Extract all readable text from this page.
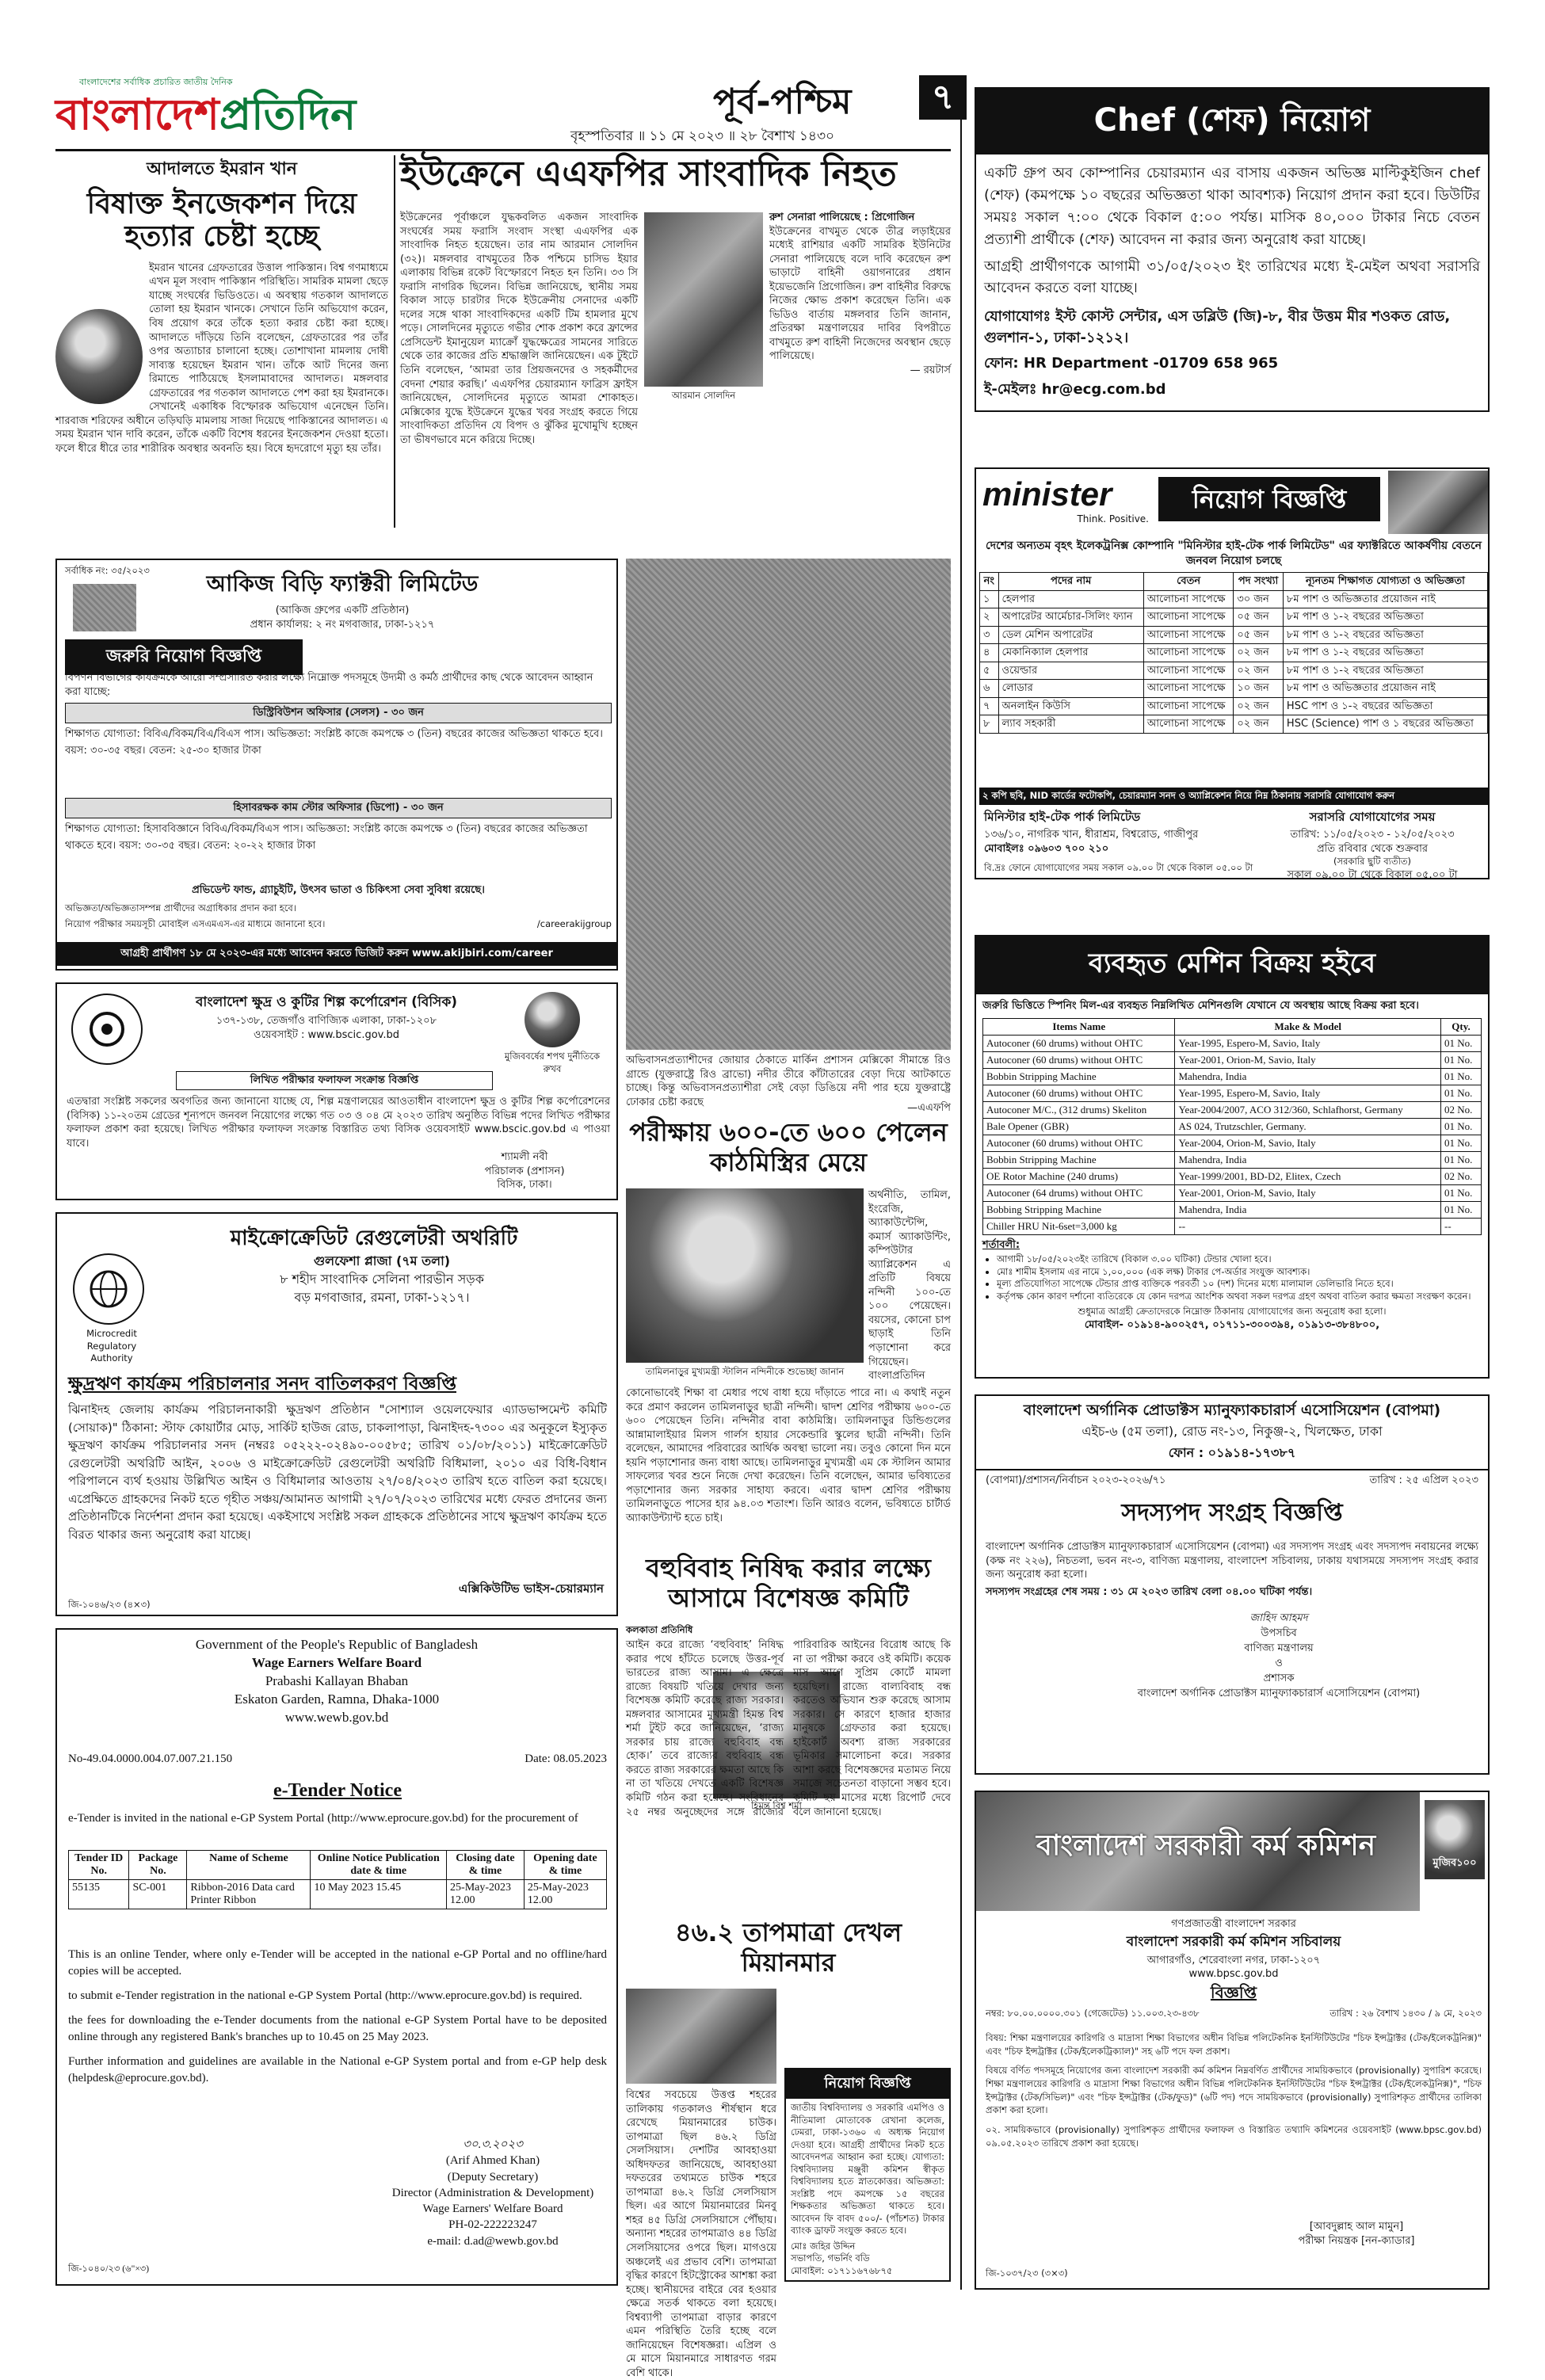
বাংলাদেশের সর্বাধিক প্রচারিত জাতীয় দৈনিক
বাংলাদেশপ্রতিদিন	পূর্ব-পশ্চিম	৭
বৃহস্পতিবার ॥ ১১ মে ২০২৩ ॥ ২৮ বৈশাখ ১৪৩০
আদালতে ইমরান খান
বিষাক্ত ইনজেকশন দিয়ে হত্যার চেষ্টা হচ্ছে
ইমরান খানের গ্রেফতারের উত্তাল পাকিস্তান। বিশ্ব গণমাধ্যমে এখন মূল সংবাদ পাকিস্তান পরিস্থিতি। সামরিক মামলা ছেড়ে যাচ্ছে সংঘর্ষের ভিডিওতে। এ অবস্থায় গতকাল আদালতে তোলা হয় ইমরান খানকে। সেখানে তিনি অভিযোগ করেন, বিষ প্রয়োগ করে তাঁকে হত্যা করার চেষ্টা করা হচ্ছে। আদালতে দাঁড়িয়ে তিনি বলেছেন, গ্রেফতারের পর তাঁর ওপর অত্যাচার চালানো হচ্ছে। তোশাখানা মামলায় দোষী সাব্যস্ত হয়েছেন ইমরান খান। তাঁকে আট দিনের জন্য রিমান্ডে পাঠিয়েছে ইসলামাবাদের আদালত। মঙ্গলবার গ্রেফতারের পর গতকাল আদালতে পেশ করা হয় ইমরানকে। সেখানেই একাধিক বিস্ফোরক অভিযোগ এনেছেন তিনি। শারবাজ শরিফের অধীনে তড়িঘড়ি মামলায় সাজা দিয়েছে পাকিস্তানের আদালত। এ সময় ইমরান খান দাবি করেন, তাঁকে একটি বিশেষ ধরনের ইনজেকশন দেওয়া হতো। ফলে ধীরে ধীরে তার শারীরিক অবস্থার অবনতি হয়। বিষে হৃদরোগে মৃত্যু হয় তাঁর।
ইউক্রেনে এএফপির সাংবাদিক নিহত
ইউক্রেনের পূর্বাঞ্চলে যুদ্ধকবলিত একজন সাংবাদিক সংঘর্ষের সময় ফরাসি সংবাদ সংস্থা এএফপির এক সাংবাদিক নিহত হয়েছেন। তার নাম আরমান সোলদিন (৩২)। মঙ্গলবার বাখমুতের ঠিক পশ্চিমে চাসিভ ইয়ার এলাকায় বিভিন্ন রকেট বিস্ফোরণে নিহত হন তিনি। ৩৩ সি ফরাসি নাগরিক ছিলেন। বিভিন্ন জানিয়েছে, স্থানীয় সময় বিকাল সাড়ে চারটার দিকে ইউক্রেনীয় সেনাদের একটি দলের সঙ্গে থাকা সাংবাদিকদের একটি টিম হামলার মুখে পড়ে। সোলদিনের মৃত্যুতে গভীর শোক প্রকাশ করে ফ্রান্সের প্রেসিডেন্ট ইমানুয়েল ম্যাক্রোঁ যুদ্ধক্ষেত্রের সামনের সারিতে থেকে তার কাজের প্রতি শ্রদ্ধাঞ্জলি জানিয়েছেন। এক টুইটে তিনি বলেছেন, ‘আমরা তার প্রিয়জনদের ও সহকর্মীদের বেদনা শেয়ার করছি।’ এএফপির চেয়ারম্যান ফাব্রিস ফ্রাইস জানিয়েছেন, সোলদিনের মৃত্যুতে আমরা শোকাহত। মেক্সিকোর যুদ্ধে ইউক্রেনে যুদ্ধের খবর সংগ্রহ করতে গিয়ে সাংবাদিকতা প্রতিদিন যে বিপদ ও ঝুঁকির মুখোমুখি হচ্ছেন তা ভীষণভাবে মনে করিয়ে দিচ্ছে।
আরমান সোলদিন
রুশ সেনারা পালিয়েছে : প্রিগোজিন
ইউক্রেনের বাখমুত থেকে তীব্র লড়াইয়ের মধ্যেই রাশিয়ার একটি সামরিক ইউনিটের সেনারা পালিয়েছে বলে দাবি করেছেন রুশ ভাড়াটে বাহিনী ওয়াগনারের প্রধান ইয়েভজেনি প্রিগোজিন। রুশ বাহিনীর বিরুদ্ধে নিজের ক্ষোভ প্রকাশ করেছেন তিনি। এক ভিডিও বার্তায় মঙ্গলবার তিনি জানান, প্রতিরক্ষা মন্ত্রণালয়ের দাবির বিপরীতে বাখমুতে রুশ বাহিনী নিজেদের অবস্থান ছেড়ে পালিয়েছে।
— রয়টার্স
Chef (শেফ) নিয়োগ
একটি গ্রুপ অব কোম্পানির চেয়ারম্যান এর বাসায় একজন অভিজ্ঞ মাল্টিকুইজিন chef (শেফ) (কমপক্ষে ১০ বছরের অভিজ্ঞতা থাকা আবশ্যক) নিয়োগ প্রদান করা হবে। ডিউটির সময়ঃ সকাল ৭:০০ থেকে বিকাল ৫:০০ পর্যন্ত। মাসিক ৪০,০০০ টাকার নিচে বেতন প্রত্যাশী প্রার্থীকে (শেফ) আবেদন না করার জন্য অনুরোধ করা যাচ্ছে।
আগ্রহী প্রার্থীগণকে আগামী ৩১/০৫/২০২৩ ইং তারিখের মধ্যে ই-মেইল অথবা সরাসরি আবেদন করতে বলা যাচ্ছে।
যোগাযোগঃ ইস্ট কোস্ট সেন্টার, এস ডব্লিউ (জি)-৮, বীর উত্তম মীর শওকত রোড, গুলশান-১, ঢাকা-১২১২।
ফোন: HR Department -01709 658 965
ই-মেইলঃ hr@ecg.com.bd
minister
Think. Positive.
নিয়োগ বিজ্ঞপ্তি
দেশের অন্যতম বৃহৎ ইলেকট্রনিক্স কোম্পানি "মিনিস্টার হাই-টেক পার্ক লিমিটেড" এর ফ্যাক্টরিতে আকর্ষণীয় বেতনে জনবল নিয়োগ চলছে
নং	পদের নাম	বেতন	পদ সংখ্যা	ন্যূনতম শিক্ষাগত যোগ্যতা ও অভিজ্ঞতা
১	হেলপার	আলোচনা সাপেক্ষে	৩০ জন	৮ম পাশ ও অভিজ্ঞতার প্রয়োজন নাই
২	অপারেটর আর্মেচার-সিলিং ফ্যান	আলোচনা সাপেক্ষে	০৫ জন	৮ম পাশ ও ১-২ বছরের অভিজ্ঞতা
৩	ডেল মেশিন অপারেটর	আলোচনা সাপেক্ষে	০৫ জন	৮ম পাশ ও ১-২ বছরের অভিজ্ঞতা
৪	মেকানিক্যাল হেলপার	আলোচনা সাপেক্ষে	০২ জন	৮ম পাশ ও ১-২ বছরের অভিজ্ঞতা
৫	ওয়েল্ডার	আলোচনা সাপেক্ষে	০২ জন	৮ম পাশ ও ১-২ বছরের অভিজ্ঞতা
৬	লোডার	আলোচনা সাপেক্ষে	১০ জন	৮ম পাশ ও অভিজ্ঞতার প্রয়োজন নাই
৭	অনলাইন কিউসি	আলোচনা সাপেক্ষে	০২ জন	HSC পাশ ও ১-২ বছরের অভিজ্ঞতা
৮	ল্যাব সহকারী	আলোচনা সাপেক্ষে	০২ জন	HSC (Science) পাশ ও ১ বছরের অভিজ্ঞতা
২ কপি ছবি, NID কার্ডের ফটোকপি, চেয়ারম্যান সনদ ও অ্যাপ্লিকেশন নিয়ে নিম্ন ঠিকানায় সরাসরি যোগাযোগ করুন
মিনিস্টার হাই-টেক পার্ক লিমিটেড
১৩৬/১০, নাগরিক খান, ধীরাশ্রম, বিশ্বরোড, গাজীপুর
মোবাইলঃ ০৯৬০৩ ৭০০ ২১০
সরাসরি যোগাযোগের সময়
তারিখ: ১১/০৫/২০২৩ - ১২/০৫/২০২৩
প্রতি রবিবার থেকে শুক্রবার
(সরকারি ছুটি ব্যতীত)
সকাল ০৯.০০ টা থেকে বিকাল ০৫.০০ টা
বি.দ্রঃ ফোনে যোগাযোগের সময় সকাল ০৯.০০ টা থেকে বিকাল ০৫.০০ টা
সর্বাধিক নং: ৩৫/২০২৩	আকিজ বিড়ি ফ্যাক্টরী লিমিটেড
(আকিজ গ্রুপের একটি প্রতিষ্ঠান)
প্রধান কার্যালয়: ২ নং মগবাজার, ঢাকা-১২১৭
জরুরি নিয়োগ বিজ্ঞপ্তি
বিপণন বিভাগের কার্যক্রমকে আরো সম্প্রসারিত করার লক্ষ্যে নিম্নোক্ত পদসমূহে উদ্যমী ও কর্মঠ প্রার্থীদের কাছ থেকে আবেদন আহ্বান করা যাচ্ছে:
ডিস্ট্রিবিউশন অফিসার (সেলস) - ৩০ জন
শিক্ষাগত যোগ্যতা: বিবিএ/বিকম/বিএ/বিএস পাস। অভিজ্ঞতা: সংশ্লিষ্ট কাজে কমপক্ষে ৩ (তিন) বছরের কাজের অভিজ্ঞতা থাকতে হবে। বয়স: ৩০-৩৫ বছর। বেতন: ২৫-৩০ হাজার টাকা
হিসাবরক্ষক কাম স্টোর অফিসার (ডিপো) - ৩০ জন
শিক্ষাগত যোগ্যতা: হিসাববিজ্ঞানে বিবিএ/বিকম/বিএস পাস। অভিজ্ঞতা: সংশ্লিষ্ট কাজে কমপক্ষে ৩ (তিন) বছরের কাজের অভিজ্ঞতা থাকতে হবে। বয়স: ৩০-৩৫ বছর। বেতন: ২০-২২ হাজার টাকা
প্রভিডেন্ট ফান্ড, গ্র্যাচুইটি, উৎসব ভাতা ও চিকিৎসা সেবা সুবিধা রয়েছে।
অভিজ্ঞতা/অভিজ্ঞতাসম্পন্ন প্রার্থীদের অগ্রাধিকার প্রদান করা হবে।
নিয়োগ পরীক্ষার সময়সূচী মোবাইল এসএমএস-এর মাধ্যমে জানানো হবে।	/careerakijgroup
আগ্রহী প্রার্থীগণ ১৮ মে ২০২৩-এর মধ্যে আবেদন করতে ভিজিট করুন www.akijbiri.com/career
বাংলাদেশ ক্ষুদ্র ও কুটির শিল্প কর্পোরেশন (বিসিক)
১৩৭-১৩৮, তেজগাঁও বাণিজ্যিক এলাকা, ঢাকা-১২০৮
ওয়েবসাইট : www.bscic.gov.bd
মুজিববর্ষের শপথ দুর্নীতিকে রুখব
লিখিত পরীক্ষার ফলাফল সংক্রান্ত বিজ্ঞপ্তি
এতদ্বারা সংশ্লিষ্ট সকলের অবগতির জন্য জানানো যাচ্ছে যে, শিল্প মন্ত্রণালয়ের আওতাধীন বাংলাদেশ ক্ষুদ্র ও কুটির শিল্প কর্পোরেশনের (বিসিক) ১১-২০তম গ্রেডের শূন্যপদে জনবল নিয়োগের লক্ষ্যে গত ০৩ ও ০৪ মে ২০২৩ তারিখ অনুষ্ঠিত বিভিন্ন পদের লিখিত পরীক্ষার ফলাফল প্রকাশ করা হয়েছে। লিখিত পরীক্ষার ফলাফল সংক্রান্ত বিস্তারিত তথ্য বিসিক ওয়েবসাইট www.bscic.gov.bd এ পাওয়া যাবে।
শ্যামলী নবী
পরিচালক (প্রশাসন)
বিসিক, ঢাকা।
মাইক্রোক্রেডিট রেগুলেটরী অথরিটি
Microcredit Regulatory Authority
গুলফেশা প্লাজা (৭ম তলা)
৮ শহীদ সাংবাদিক সেলিনা পারভীন সড়ক
বড় মগবাজার, রমনা, ঢাকা-১২১৭।
ক্ষুদ্রঋণ কার্যক্রম পরিচালনার সনদ বাতিলকরণ বিজ্ঞপ্তি
ঝিনাইদহ জেলায় কার্যক্রম পরিচালনাকারী ক্ষুদ্রঋণ প্রতিষ্ঠান "সোশ্যাল ওয়েলফেয়ার এ্যাডভান্সমেন্ট কমিটি (সোয়াক)" ঠিকানা: স্টাফ কোয়ার্টার মোড়, সার্কিট হাউজ রোড, চাকলাপাড়া, ঝিনাইদহ-৭৩০০ এর অনুকূলে ইস্যুকৃত ক্ষুদ্রঋণ কার্যক্রম পরিচালনার সনদ (নম্বরঃ ০৫২২২-০২৪৯০-০০৫৮৫; তারিখ ০১/০৮/২০১১) মাইক্রোক্রেডিট রেগুলেটরী অথরিটি আইন, ২০০৬ ও মাইক্রোক্রেডিট রেগুলেটরী অথরিটি বিধিমালা, ২০১০ এর বিধি-বিধান পরিপালনে ব্যর্থ হওয়ায় উল্লিখিত আইন ও বিধিমালার আওতায় ২৭/০৪/২০২৩ তারিখ হতে বাতিল করা হয়েছে। এপ্রেক্ষিতে গ্রাহকদের নিকট হতে গৃহীত সঞ্চয়/আমানত আগামী ২৭/০৭/২০২৩ তারিখের মধ্যে ফেরত প্রদানের জন্য প্রতিষ্ঠানটিকে নির্দেশনা প্রদান করা হয়েছে। একইসাথে সংশ্লিষ্ট সকল গ্রাহককে প্রতিষ্ঠানের সাথে ক্ষুদ্রঋণ কার্যক্রম হতে বিরত থাকার জন্য অনুরোধ করা যাচ্ছে।
এক্সিকিউটিভ ভাইস-চেয়ারম্যান
জি-১০৪৬/২৩ (৪×৩)
Government of the People's Republic of Bangladesh
Wage Earners Welfare Board
Prabashi Kallayan Bhaban
Eskaton Garden, Ramna, Dhaka-1000
www.wewb.gov.bd
No-49.04.0000.004.07.007.21.150	Date: 08.05.2023
e-Tender Notice
e-Tender is invited in the national e-GP System Portal (http://www.eprocure.gov.bd) for the procurement of
Tender ID No.	Package No.	Name of Scheme	Online Notice Publication date & time	Closing date & time	Opening date & time
55135	SC-001	Ribbon-2016 Data card Printer Ribbon	10 May 2023 15.45	25-May-2023 12.00	25-May-2023 12.00

This is an online Tender, where only e-Tender will be accepted in the national e-GP Portal and no offline/hard copies will be accepted.

to submit e-Tender registration in the national e-GP System Portal (http://www.eprocure.gov.bd) is required.

the fees for downloading the e-Tender documents from the national e-GP System Portal have to be deposited online through any registered Bank's branches up to 10.45 on 25 May 2023.

Further information and guidelines are available in the National e-GP System portal and from e-GP help desk (helpdesk@eprocure.gov.bd).

৩০.৩.২০২৩
(Arif Ahmed Khan)
(Deputy Secretary)
Director (Administration & Development)
Wage Earners' Welfare Board
PH-02-222223247
e-mail: d.ad@wewb.gov.bd
জি-১০৪০/২৩ (৬"×৩)
অভিবাসনপ্রত্যাশীদের জোয়ার ঠেকাতে মার্কিন প্রশাসন মেক্সিকো সীমান্তে রিও গ্রান্ডে (যুক্তরাষ্ট্রে রিও ব্রাভো) নদীর তীরে কাঁটাতারের বেড়া দিয়ে আটকাতে চাচ্ছে। কিন্তু অভিবাসনপ্রত্যাশীরা সেই বেড়া ডিঙিয়ে নদী পার হয়ে যুক্তরাষ্ট্রে ঢোকার চেষ্টা করছে	—এএফপি
পরীক্ষায় ৬০০-তে ৬০০ পেলেন কাঠমিস্ত্রির মেয়ে
অর্থনীতি, তামিল, ইংরেজি, অ্যাকাউন্টেন্সি, কমার্স অ্যাকাউন্টিং, কম্পিউটার অ্যাপ্লিকেশন এ প্রতিটি বিষয়ে নন্দিনী ১০০-তে ১০০ পেয়েছেন। বয়সের, কোনো চাপ ছাড়াই তিনি পড়াশোনা করে গিয়েছেন। বাংলাপ্রতিদিন
তামিলনাড়ুর মুখ্যমন্ত্রী স্টালিন নন্দিনীকে শুভেচ্ছা জানান
কোনোভাবেই শিক্ষা বা মেধার পথে বাধা হয়ে দাঁড়াতে পারে না। এ কথাই নতুন করে প্রমাণ করলেন তামিলনাড়ুর ছাত্রী নন্দিনী। দ্বাদশ শ্রেণির পরীক্ষায় ৬০০-তে ৬০০ পেয়েছেন তিনি। নন্দিনীর বাবা কাঠমিস্ত্রি। তামিলনাড়ুর ডিন্ডিগুলের আন্নামালাইয়ার মিলস গার্লস হায়ার সেকেন্ডারি স্কুলের ছাত্রী নন্দিনী। তিনি বলেছেন, আমাদের পরিবারের আর্থিক অবস্থা ভালো নয়। তবুও কোনো দিন মনে হয়নি পড়াশোনার জন্য বাধা আছে। তামিলনাড়ুর মুখ্যমন্ত্রী এম কে স্টালিন আমার সাফল্যের খবর শুনে নিজে দেখা করেছেন। তিনি বলেছেন, আমার ভবিষ্যতের পড়াশোনার জন্য সরকার সাহায্য করবে। এবার দ্বাদশ শ্রেণির পরীক্ষায় তামিলনাড়ুতে পাসের হার ৯৪.০৩ শতাংশ। তিনি আরও বলেন, ভবিষ্যতে চার্টার্ড অ্যাকাউন্ট্যান্ট হতে চাই।
বহুবিবাহ নিষিদ্ধ করার লক্ষ্যে আসামে বিশেষজ্ঞ কমিটি
কলকাতা প্রতিনিধি
হিমন্ত বিশ্ব শর্মা
আইন করে রাজ্যে ‘বহুবিবাহ’ নিষিদ্ধ করার পথে হাঁটতে চলেছে উত্তর-পূর্ব ভারতের রাজ্য আসাম। এ ক্ষেত্রে রাজ্যে বিষয়টি খতিয়ে দেখার জন্য বিশেষজ্ঞ কমিটি করেছে রাজ্য সরকার। মঙ্গলবার আসামের মুখ্যমন্ত্রী হিমন্ত বিশ্ব শর্মা টুইট করে জানিয়েছেন, ‘রাজ্য সরকার চায় রাজ্যে বহুবিবাহ বন্ধ হোক।’ তবে রাজ্যের বহুবিবাহ বন্ধ করতে রাজ্য সরকারের ক্ষমতা আছে কি না তা খতিয়ে দেখতে একটি বিশেষজ্ঞ কমিটি গঠন করা হয়েছে। সংবিধানের ২৫ নম্বর অনুচ্ছেদের সঙ্গে রাজ্যের পারিবারিক আইনের বিরোধ আছে কি না তা পরীক্ষা করবে ওই কমিটি। কয়েক মাস আগে সুপ্রিম কোর্টে মামলা হয়েছিল। রাজ্যে বাল্যবিবাহ বন্ধ করতেও অভিযান শুরু করেছে আসাম সরকার। সে কারণে হাজার হাজার মানুষকে গ্রেফতার করা হয়েছে। হাইকোর্ট অবশ্য রাজ্য সরকারের ভূমিকার সমালোচনা করে। সরকার আশা করছে বিশেষজ্ঞদের মতামত নিয়ে সমাজে সচেতনতা বাড়ানো সম্ভব হবে। কমিটি ছয় মাসের মধ্যে রিপোর্ট দেবে বলে জানানো হয়েছে।
৪৬.২ তাপমাত্রা দেখল মিয়ানমার
বিশ্বের সবচেয়ে উত্তপ্ত শহরের তালিকায় গতকালও শীর্ষস্থান ধরে রেখেছে মিয়ানমারের চাউক। তাপমাত্রা ছিল ৪৬.২ ডিগ্রি সেলসিয়াস। দেশটির আবহাওয়া অধিদফতর জানিয়েছে, আবহাওয়া দফতরের তথ্যমতে চাউক শহরে তাপমাত্রা ৪৬.২ ডিগ্রি সেলসিয়াস ছিল। এর আগে মিয়ানমারের মিনবু শহর ৪৫ ডিগ্রি সেলসিয়াসে পৌঁছায়। অন্যান্য শহরের তাপমাত্রাও ৪৪ ডিগ্রি সেলসিয়াসের ওপরে ছিল। মাগওয়ে অঞ্চলেই এর প্রভাব বেশি। তাপমাত্রা বৃদ্ধির কারণে হিটস্ট্রোকের আশঙ্কা করা হচ্ছে। স্থানীয়দের বাইরে বের হওয়ার ক্ষেত্রে সতর্ক থাকতে বলা হয়েছে। বিশ্বব্যাপী তাপমাত্রা বাড়ার কারণে এমন পরিস্থিতি তৈরি হচ্ছে বলে জানিয়েছেন বিশেষজ্ঞরা। এপ্রিল ও মে মাসে মিয়ানমারে সাধারণত গরম বেশি থাকে।
নিয়োগ বিজ্ঞপ্তি
জাতীয় বিশ্ববিদ্যালয় ও সরকারি এমপিও ও নীতিমালা মোতাবেক রেখানা কলেজ, ঢেমরা, ঢাকা-১৩৬০ এ অধ্যক্ষ নিয়োগ দেওয়া হবে। আগ্রহী প্রার্থীদের নিকট হতে আবেদনপত্র আহ্বান করা হচ্ছে। যোগ্যতা: বিশ্ববিদ্যালয় মঞ্জুরী কমিশন স্বীকৃত বিশ্ববিদ্যালয় হতে স্নাতকোত্তর। অভিজ্ঞতা: সংশ্লিষ্ট পদে কমপক্ষে ১৫ বছরের শিক্ষকতার অভিজ্ঞতা থাকতে হবে। আবেদন ফি বাবদ ৫০০/- (পাঁচশত) টাকার ব্যাংক ড্রাফট সংযুক্ত করতে হবে।
মোঃ জহির উদ্দিন
সভাপতি, গভর্নিং বডি
মোবাইল: ০১৭১১৬৭৬৮৭৫
ব্যবহৃত মেশিন বিক্রয় হইবে
জরুরি ভিত্তিতে স্পিনিং মিল-এর ব্যবহৃত নিম্নলিখিত মেশিনগুলি যেখানে যে অবস্থায় আছে বিক্রয় করা হবে।
Items Name	Make & Model	Qty.
Autoconer (60 drums) without OHTC	Year-1995, Espero-M, Savio, Italy	01 No.
Autoconer (60 drums) without OHTC	Year-2001, Orion-M, Savio, Italy	01 No.
Bobbin Stripping Machine	Mahendra, India	01 No.
Autoconer (60 drums) without OHTC	Year-1995, Espero-M, Savio, Italy	01 No.
Autoconer M/C., (312 drums) Skeliton	Year-2004/2007, ACO 312/360, Schlafhorst, Germany	02 No.
Bale Opener (GBR)	AS 024, Trutzschler, Germany.	01 No.
Autoconer (60 drums) without OHTC	Year-2004, Orion-M, Savio, Italy	01 No.
Bobbin Stripping Machine	Mahendra, India	01 No.
OE Rotor Machine (240 drums)	Year-1999/2001, BD-D2, Elitex, Czech	02 No.
Autoconer (64 drums) without OHTC	Year-2001, Orion-M, Savio, Italy	01 No.
Bobbing Stripping Machine	Mahendra, India	01 No.
Chiller HRU Nit-6set=3,000 kg	--	--
শর্তাবলী:
• আগামী ১৮/০৫/২০২৩ইং তারিখে (বিকাল ৩.০০ ঘটিকা) টেন্ডার খোলা হবে।
• মোঃ শামীম ইসলাম এর নামে ১,০০,০০০ (এক লক্ষ) টাকার পে-অর্ডার সংযুক্ত আবশ্যক।
• মূল্য প্রতিযোগিতা সাপেক্ষে টেন্ডার প্রাপ্ত ব্যক্তিকে পরবর্তী ১০ (দশ) দিনের মধ্যে মালামাল ডেলিভারি নিতে হবে।
• কর্তৃপক্ষ কোন কারণ দর্শানো ব্যতিরেকে যে কোন দরপত্র আংশিক অথবা সকল দরপত্র গ্রহণ অথবা বাতিল করার ক্ষমতা সংরক্ষণ করেন।
শুধুমাত্র আগ্রহী ক্রেতাদেরকে নিম্নোক্ত ঠিকানায় যোগাযোগের জন্য অনুরোধ করা হলো।
মোবাইল- ০১৯১৪-৯০০২৫৭, ০১৭১১-৩০০৩৯৪, ০১৯১৩-৩৮৪৮০০,
বাংলাদেশ অর্গানিক প্রোডাক্টস ম্যানুফ্যাকচারার্স এসোসিয়েশন (বোপমা)
এইচ-৬ (৫ম তলা), রোড নং-১৩, নিকুঞ্জ-২, খিলক্ষেত, ঢাকা
ফোন : ০১৯১৪-১৭৩৮৭
(বোপমা)/প্রশাসন/নির্বাচন ২০২৩-২০২৬/৭১	তারিখ : ২৫ এপ্রিল ২০২৩
সদস্যপদ সংগ্রহ বিজ্ঞপ্তি
বাংলাদেশ অর্গানিক প্রোডাক্টস ম্যানুফ্যাকচারার্স এসোসিয়েশন (বোপমা) এর সদস্যপদ সংগ্রহ এবং সদস্যপদ নবায়নের লক্ষ্যে (কক্ষ নং ২২৬), নিচতলা, ভবন নং-৩, বাণিজ্য মন্ত্রণালয়, বাংলাদেশ সচিবালয়, ঢাকায় যথাসময়ে সদস্যপদ সংগ্রহ করার জন্য অনুরোধ করা হলো।
সদস্যপদ সংগ্রহের শেষ সময় : ৩১ মে ২০২৩ তারিখ বেলা ০৪.০০ ঘটিকা পর্যন্ত।
জাহিদ আহমদ
উপসচিব
বাণিজ্য মন্ত্রণালয়
ও
প্রশাসক
বাংলাদেশ অর্গানিক প্রোডাক্টস ম্যানুফ্যাকচারার্স এসোসিয়েশন (বোপমা)
বাংলাদেশ সরকারী কর্ম কমিশন
মুজিব১০০
গণপ্রজাতন্ত্রী বাংলাদেশ সরকার
বাংলাদেশ সরকারী কর্ম কমিশন সচিবালয়
আগারগাঁও, শেরেবাংলা নগর, ঢাকা-১২০৭
www.bpsc.gov.bd
বিজ্ঞপ্তি
নম্বর: ৮০.০০.০০০০.৩০১ (গেজেটেড) ১১.০০৩.২৩-৪৩৮	তারিখ : ২৬ বৈশাখ ১৪৩০ / ৯ মে, ২০২৩

বিষয়: শিক্ষা মন্ত্রণালয়ের কারিগরি ও মাদ্রাসা শিক্ষা বিভাগের অধীন বিভিন্ন পলিটেকনিক ইনস্টিটিউটের "চিফ ইন্সট্রাক্টর (টেক/ইলেকট্রনিক্স)" এবং "চিফ ইন্সট্রাক্টর (টেক/ইলেকট্রিক্যাল)" সহ ৬টি পদে ফল প্রকাশ।

বিষয়ে বর্ণিত পদসমূহে নিয়োগের জন্য বাংলাদেশ সরকারী কর্ম কমিশন নিম্নবর্ণিত প্রার্থীদের সাময়িকভাবে (provisionally) সুপারিশ করেছে। শিক্ষা মন্ত্রণালয়ের কারিগরি ও মাদ্রাসা শিক্ষা বিভাগের অধীন বিভিন্ন পলিটেকনিক ইনস্টিটিউটের "চিফ ইন্সট্রাক্টর (টেক/ইলেকট্রনিক্স)", "চিফ ইন্সট্রাক্টর (টেক/সিভিল)" এবং "চিফ ইন্সট্রাক্টর (টেক/ফুড)" (৬টি পদ) পদে সাময়িকভাবে (provisionally) সুপারিশকৃত প্রার্থীদের তালিকা প্রকাশ করা হলো।

০২. সাময়িকভাবে (provisionally) সুপারিশকৃত প্রার্থীদের ফলাফল ও বিস্তারিত তথ্যাদি কমিশনের ওয়েবসাইট (www.bpsc.gov.bd) ০৯.০৫.২০২৩ তারিখে প্রকাশ করা হয়েছে।

[আবদুল্লাহ আল মামুন]
পরীক্ষা নিয়ন্ত্রক [নন-ক্যাডার]
জি-১০৩৭/২৩ (৩×৩)
